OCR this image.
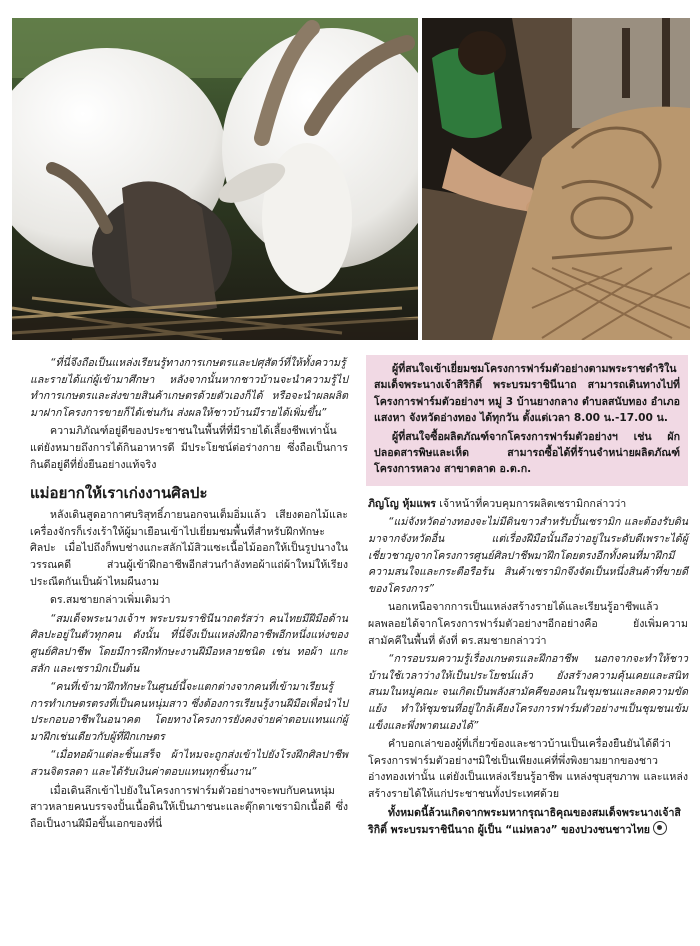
“ที่นี่จึงถือเป็นแหล่งเรียนรู้ทางการเกษตรและปศุสัตว์ที่ให้ทั้งความรู้และรายได้แก่ผู้เข้ามาศึกษา หลังจากนั้นหากชาวบ้านจะนำความรู้ไปทำการเกษตรและส่งขายสินค้าเกษตรด้วยตัวเองก็ได้ หรือจะนำผลผลิตมาฝากโครงการขายก็ได้เช่นกัน ส่งผลให้ชาวบ้านมีรายได้เพิ่มขึ้น”

ความภิภัณฑ์อยู่ดีของประชาชนในพื้นที่ที่มีรายได้เลี้ยงชีพเท่านั้น แต่ยังหมายถึงการได้กินอาหารดี มีประโยชน์ต่อร่างกาย ซึ่งถือเป็นการกินดีอยู่ดีที่ยั่งยืนอย่างแท้จริง

แม่อยากให้เราเก่งงานศิลปะ

หลังเดินสูดอากาศบริสุทธิ์ภายนอกจนเต็มอิ่มแล้ว เสียงตอกไม้และเครื่องจักรก็เร่งเร้าให้ผู้มาเยือนเข้าไปเยี่ยมชมพื้นที่สำหรับฝึกทักษะศิลปะ เมื่อไปถึงก็พบช่างแกะสลักไม้สิวแซะเนื้อไม้ออกให้เป็นรูปนางในวรรณคดี ส่วนผู้เข้าฝึกอาชีพอีกส่วนกำลังทอผ้าแถ่ผ้าใหม่ให้เรียงประณีตกันเป็นผ้าไหมผืนงาม

ดร.สมชายกล่าวเพิ่มเติมว่า

“สมเด็จพระนางเจ้าฯ พระบรมราชินีนาถตรัสว่า คนไทยมีฝีมือด้านศิลปะอยู่ในตัวทุกคน ดังนั้น ที่นี่จึงเป็นแหล่งฝึกอาชีพอีกหนึ่งแห่งของศูนย์ศิลปาชีพ โดยมีการฝึกทักษะงานฝีมือหลายชนิด เช่น ทอผ้า แกะสลัก และเซรามิกเป็นต้น

“คนที่เข้ามาฝึกทักษะในศูนย์นี้จะแตกต่างจากคนที่เข้ามาเรียนรู้การทำเกษตรตรงที่เป็นคนหนุ่มสาว ซึ่งต้องการเรียนรู้งานฝีมือเพื่อนำไปประกอบอาชีพในอนาคต โดยทางโครงการยังคงจ่ายค่าตอบแทนแก่ผู้มาฝึกเช่นเดียวกับผู้ที่ฝึกเกษตร

“เมื่อทอผ้าแต่ละชิ้นเสร็จ ผ้าไหมจะถูกส่งเข้าไปยังโรงฝึกศิลปาชีพ สวนจิตรลดา และได้รับเงินค่าตอบแทนทุกชิ้นงาน”

เมื่อเดินลึกเข้าไปยังในโครงการฟาร์มตัวอย่างฯจะพบกับคนหนุ่มสาวหลายคนบรรจงปั้นเนื้อดินให้เป็นภาชนะและตุ๊กตาเซรามิกเนื้อดี ซึ่งถือเป็นงานฝีมือขึ้นเอกของที่นี่

ผู้ที่สนใจเข้าเยี่ยมชมโครงการฟาร์มตัวอย่างตามพระราชดำริในสมเด็จพระนางเจ้าสิริกิติ์ พระบรมราชินีนาถ สามารถเดินทางไปที่โครงการฟาร์มตัวอย่างฯ หมู่ 3 บ้านยางกลาง ตำบลสนับทอง อำเภอแสงหา จังหวัดอ่างทอง ได้ทุกวัน ตั้งแต่เวลา 8.00 น.-17.00 น.

ผู้ที่สนใจซื้อผลิตภัณฑ์จากโครงการฟาร์มตัวอย่างฯ เช่น ผักปลอดสารพิษและเห็ด สามารถซื้อได้ที่ร้านจำหน่ายผลิตภัณฑ์โครงการหลวง สาขาตลาด อ.ต.ก.

ภิญโญ หุ้มแพร เจ้าหน้าที่ควบคุมการผลิตเซรามิกกล่าวว่า

“แม่จังหวัดอ่างทองจะไม่มีดินขาวสำหรับปั้นเซรามิก และต้องรับดินมาจากจังหวัดอื่น แต่เรื่องฝีมือนั้นถือว่าอยู่ในระดับดีเพราะได้ผู้เชี่ยวชาญจากโครงการศูนย์ศิลปาชีพมาฝึกโดยตรงอีกทั้งคนที่มาฝึกมีความสนใจและกระตือรือร้น สินค้าเซรามิกจึงจัดเป็นหนึ่งสินค้าที่ขายดีของโครงการ”

นอกเหนือจากการเป็นแหล่งสร้างรายได้และเรียนรู้อาชีพแล้ว ผลพลอยได้จากโครงการฟาร์มตัวอย่างฯอีกอย่างคือ ยังเพิ่มความสามัคคีในพื้นที่ ดังที่ ดร.สมชายกล่าวว่า

“การอบรมความรู้เรื่องเกษตรและฝึกอาชีพ นอกจากจะทำให้ชาวบ้านใช้เวลาว่างให้เป็นประโยชน์แล้ว ยังสร้างความคุ้นเคยและสนิทสนมในหมู่คณะ จนเกิดเป็นพลังสามัคคีของคนในชุมชนและลดความขัดแย้ง ทำให้ชุมชนที่อยู่ใกล้เคียงโครงการฟาร์มตัวอย่างฯเป็นชุมชนเข้มแข็งและพึ่งพาตนเองได้”

คำบอกเล่าของผู้ที่เกี่ยวข้องและชาวบ้านเป็นเครื่องยืนยันได้ดีว่า โครงการฟาร์มตัวอย่างฯมิใช่เป็นเพียงแค่ที่พึ่งพิงยามยากของชาวอ่างทองเท่านั้น แต่ยังเป็นแหล่งเรียนรู้อาชีพ แหล่งชุบสุขภาพ และแหล่งสร้างรายได้ให้แก่ประชาชนทั้งประเทศด้วย

ทั้งหมดนี้ล้วนเกิดจากพระมหากรุณาธิคุณของสมเด็จพระนางเจ้าสิริกิติ์ พระบรมราชินีนาถ ผู้เป็น “แม่หลวง” ของปวงชนชาวไทย
